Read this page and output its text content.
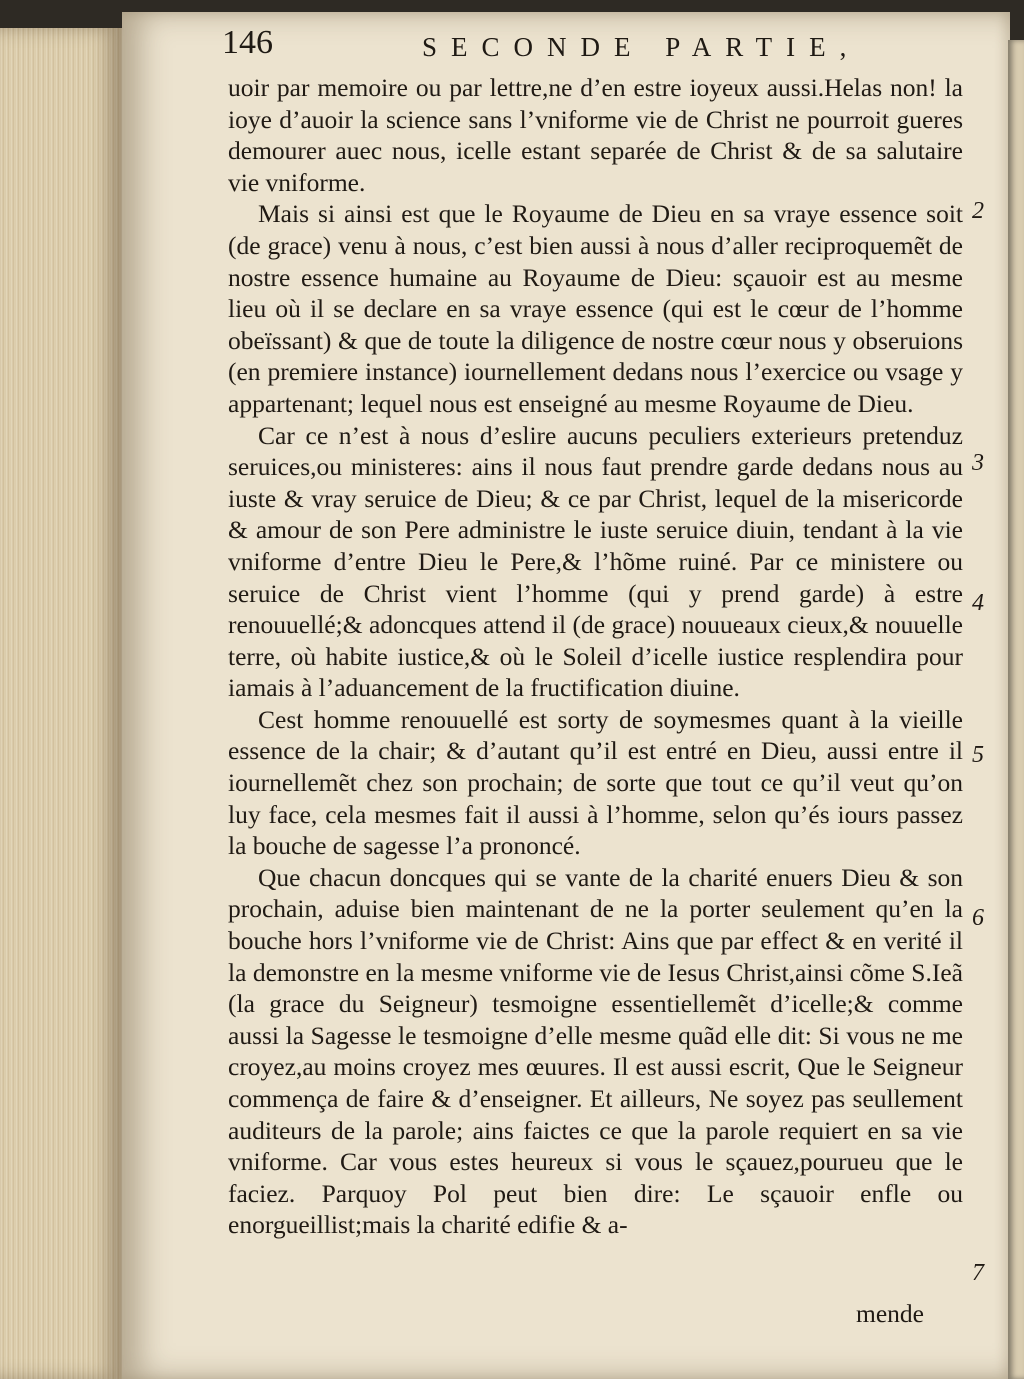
146	SECONDE PARTIE,

uoir par memoire ou par lettre,ne d’en estre ioyeux aussi.Helas non! la ioye d’auoir la science sans l’vniforme vie de Christ ne pourroit gueres demourer auec nous, icelle estant separée de Christ & de sa salutaire vie vniforme.

Mais si ainsi est que le Royaume de Dieu en sa vraye essence soit (de grace) venu à nous, c’est bien aussi à nous d’aller reciproquemẽt de nostre essence humaine au Royaume de Dieu: sçauoir est au mesme lieu où il se declare en sa vraye essence (qui est le cœur de l’homme obeïssant) & que de toute la diligence de nostre cœur nous y obseruions (en premiere instance) iournellement dedans nous l’exercice ou vsage y appartenant; lequel nous est enseigné au mesme Royaume de Dieu.

Car ce n’est à nous d’eslire aucuns peculiers exterieurs pretenduz seruices,ou ministeres: ains il nous faut prendre garde dedans nous au iuste & vray seruice de Dieu; & ce par Christ, lequel de la misericorde & amour de son Pere administre le iuste seruice diuin, tendant à la vie vniforme d’entre Dieu le Pere,& l’hõme ruiné. Par ce ministere ou seruice de Christ vient l’homme (qui y prend garde) à estre renouuellé;& adoncques attend il (de grace) nouueaux cieux,& nouuelle terre, où habite iustice,& où le Soleil d’icelle iustice resplendira pour iamais à l’aduancement de la fructification diuine.

Cest homme renouuellé est sorty de soymesmes quant à la vieille essence de la chair; & d’autant qu’il est entré en Dieu, aussi entre il iournellemẽt chez son prochain; de sorte que tout ce qu’il veut qu’on luy face, cela mesmes fait il aussi à l’homme, selon qu’és iours passez la bouche de sagesse l’a prononcé.

Que chacun doncques qui se vante de la charité enuers Dieu & son prochain, aduise bien maintenant de ne la porter seulement qu’en la bouche hors l’vniforme vie de Christ: Ains que par effect & en verité il la demonstre en la mesme vniforme vie de Iesus Christ,ainsi cõme S.Ieã (la grace du Seigneur) tesmoigne essentiellemẽt d’icelle;& comme aussi la Sagesse le tesmoigne d’elle mesme quãd elle dit: Si vous ne me croyez,au moins croyez mes œuures. Il est aussi escrit, Que le Seigneur commença de faire & d’enseigner. Et ailleurs, Ne soyez pas seullement auditeurs de la parole; ains faictes ce que la parole requiert en sa vie vniforme. Car vous estes heureux si vous le sçauez,pourueu que le faciez. Parquoy Pol peut bien dire: Le sçauoir enfle ou enorgueillist;mais la charité edifie & a-

2
3
4
5
6
7
mende
